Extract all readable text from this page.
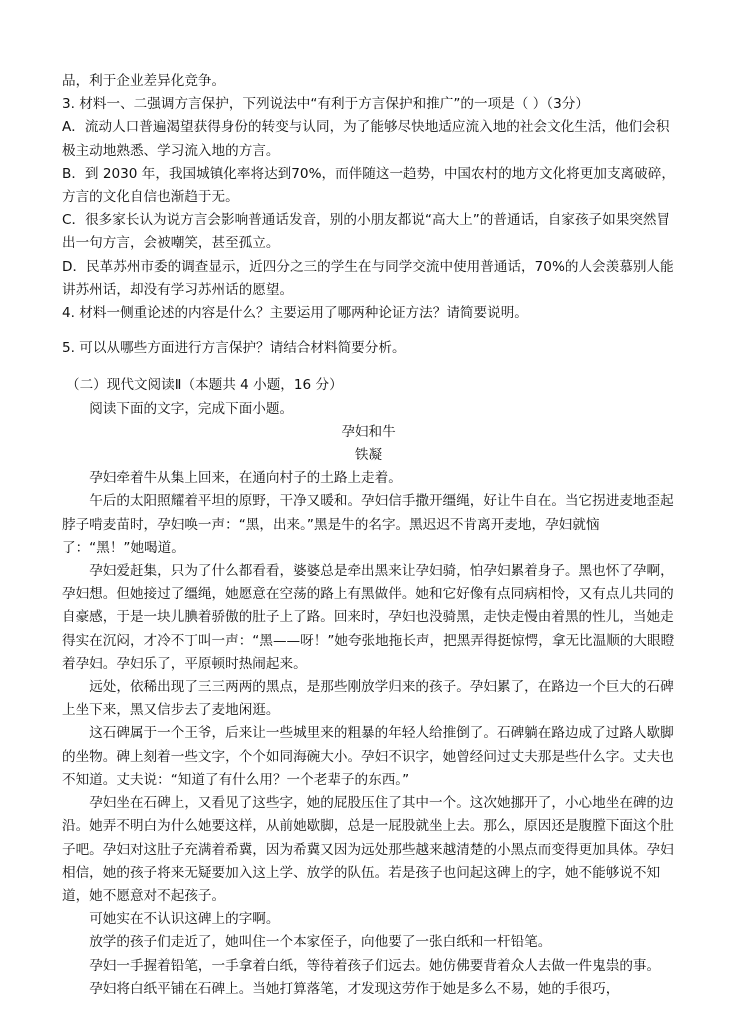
品，利于企业差异化竞争。

3. 材料一、二强调方言保护，下列说法中“有利于方言保护和推广”的一项是（ ）（3分）

A．流动人口普遍渴望获得身份的转变与认同，为了能够尽快地适应流入地的社会文化生活，他们会积极主动地熟悉、学习流入地的方言。

B．到 2030 年，我国城镇化率将达到70%，而伴随这一趋势，中国农村的地方文化将更加支离破碎，方言的文化自信也渐趋于无。

C．很多家长认为说方言会影响普通话发音，别的小朋友都说“高大上”的普通话，自家孩子如果突然冒出一句方言，会被嘲笑，甚至孤立。

D．民革苏州市委的调查显示，近四分之三的学生在与同学交流中使用普通话，70%的人会羡慕别人能讲苏州话，却没有学习苏州话的愿望。

4. 材料一侧重论述的内容是什么？主要运用了哪两种论证方法？请简要说明。

5. 可以从哪些方面进行方言保护？请结合材料简要分析。

（二）现代文阅读Ⅱ（本题共 4 小题，16 分）

阅读下面的文字，完成下面小题。

孕妇和牛

铁凝

孕妇牵着牛从集上回来，在通向村子的土路上走着。

午后的太阳照耀着平坦的原野，干净又暖和。孕妇信手撒开缰绳，好让牛自在。当它拐进麦地歪起脖子啃麦苗时，孕妇唤一声：“黑，出来。”黑是牛的名字。黑迟迟不肯离开麦地，孕妇就恼了：“黑！”她喝道。

孕妇爱赶集，只为了什么都看看，婆婆总是牵出黑来让孕妇骑，怕孕妇累着身子。黑也怀了孕啊，孕妇想。但她接过了缰绳，她愿意在空荡的路上有黑做伴。她和它好像有点同病相怜，又有点儿共同的自豪感，于是一块儿腆着骄傲的肚子上了路。回来时，孕妇也没骑黑，走快走慢由着黑的性儿，当她走得实在沉闷，才冷不丁叫一声：“黑——呀！”她夸张地拖长声，把黑弄得挺惊愕，拿无比温顺的大眼瞪着孕妇。孕妇乐了，平原顿时热闹起来。

远处，依稀出现了三三两两的黑点，是那些刚放学归来的孩子。孕妇累了，在路边一个巨大的石碑上坐下来，黑又信步去了麦地闲逛。

这石碑属于一个王爷，后来让一些城里来的粗暴的年轻人给推倒了。石碑躺在路边成了过路人歇脚的坐物。碑上刻着一些文字，个个如同海碗大小。孕妇不识字，她曾经问过丈夫那是些什么字。丈夫也不知道。丈夫说：“知道了有什么用？一个老辈子的东西。”

孕妇坐在石碑上，又看见了这些字，她的屁股压住了其中一个。这次她挪开了，小心地坐在碑的边沿。她弄不明白为什么她要这样，从前她歇脚，总是一屁股就坐上去。那么，原因还是腹膛下面这个肚子吧。孕妇对这肚子充满着希冀，因为希冀又因为远处那些越来越清楚的小黑点而变得更加具体。孕妇相信，她的孩子将来无疑要加入这上学、放学的队伍。若是孩子也问起这碑上的字，她不能够说不知道，她不愿意对不起孩子。

可她实在不认识这碑上的字啊。

放学的孩子们走近了，她叫住一个本家侄子，向他要了一张白纸和一杆铅笔。

孕妇一手握着铅笔，一手拿着白纸，等待着孩子们远去。她仿佛要背着众人去做一件鬼祟的事。

孕妇将白纸平铺在石碑上。当她打算落笔，才发现这劳作于她是多么不易，她的手很巧，
